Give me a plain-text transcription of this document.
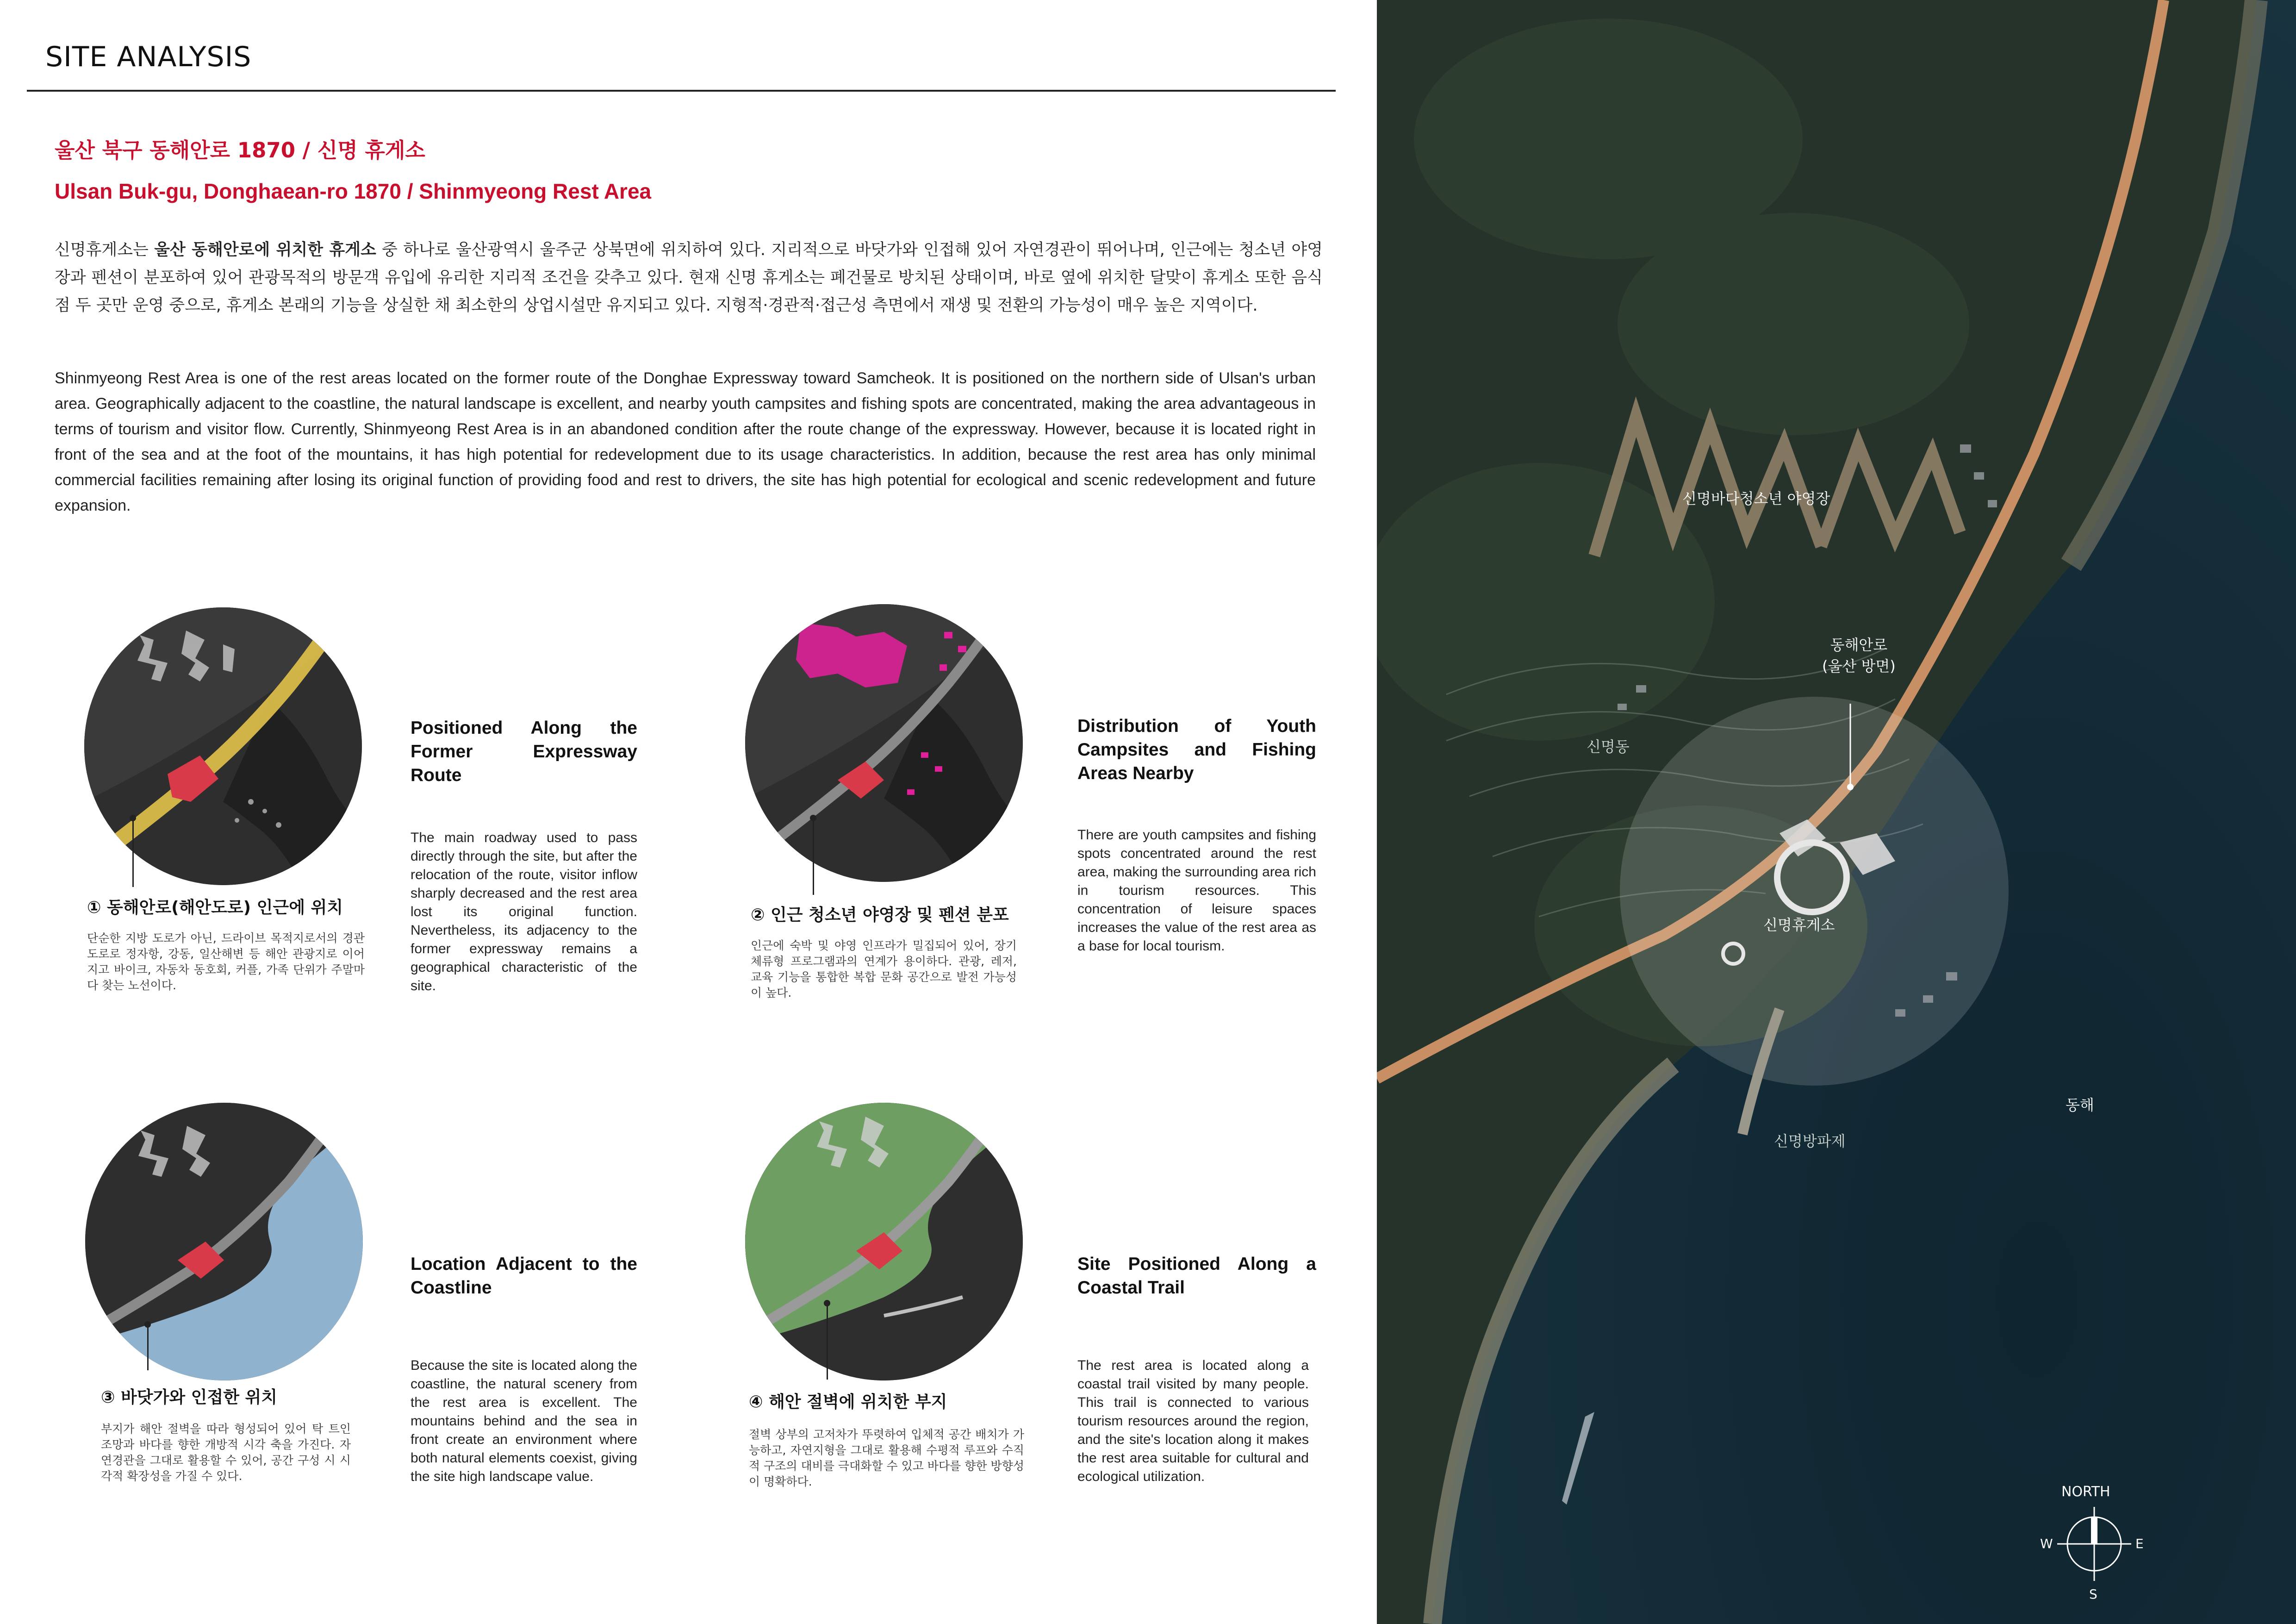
SITE ANALYSIS
울산 북구 동해안로 1870 / 신명 휴게소
Ulsan Buk-gu, Donghaean-ro 1870 / Shinmyeong Rest Area
신명휴게소는 울산 동해안로에 위치한 휴게소 중 하나로 울산광역시 울주군 상북면에 위치하여 있다. 지리적으로 바닷가와 인접해 있어 자연경관이 뛰어나며, 인근에는 청소년 야영장과 펜션이 분포하여 있어 관광목적의 방문객 유입에 유리한 지리적 조건을 갖추고 있다. 현재 신명 휴게소는 폐건물로 방치된 상태이며, 바로 옆에 위치한 달맞이 휴게소 또한 음식점 두 곳만 운영 중으로, 휴게소 본래의 기능을 상실한 채 최소한의 상업시설만 유지되고 있다. 지형적·경관적·접근성 측면에서 재생 및 전환의 가능성이 매우 높은 지역이다.
Shinmyeong Rest Area is one of the rest areas located on the former route of the Donghae Expressway toward Samcheok. It is positioned on the northern side of Ulsan's urban area. Geographically adjacent to the coastline, the natural landscape is excellent, and nearby youth campsites and fishing spots are concentrated, making the area advantageous in terms of tourism and visitor flow. Currently, Shinmyeong Rest Area is in an abandoned condition after the route change of the expressway. However, because it is located right in front of the sea and at the foot of the mountains, it has high potential for redevelopment due to its usage characteristics. In addition, because the rest area has only minimal commercial facilities remaining after losing its original function of providing food and rest to drivers, the site has high potential for ecological and scenic redevelopment and future expansion.
① 동해안로(해안도로) 인근에 위치
단순한 지방 도로가 아닌, 드라이브 목적지로서의 경관 도로로 정자항, 강동, 일산해변 등 해안 관광지로 이어지고 바이크, 자동차 동호회, 커플, 가족 단위가 주말마다 찾는 노선이다.
Positioned Along the Former Expressway Route
The main roadway used to pass directly through the site, but after the relocation of the route, visitor inflow sharply decreased and the rest area lost its original function. Nevertheless, its adjacency to the former expressway remains a geographical characteristic of the site.
② 인근 청소년 야영장 및 펜션 분포
인근에 숙박 및 야영 인프라가 밀집되어 있어, 장기 체류형 프로그램과의 연계가 용이하다. 관광, 레저, 교육 기능을 통합한 복합 문화 공간으로 발전 가능성이 높다.
Distribution of Youth Campsites and Fishing Areas Nearby
There are youth campsites and fishing spots concentrated around the rest area, making the surrounding area rich in tourism resources. This concentration of leisure spaces increases the value of the rest area as a base for local tourism.
③ 바닷가와 인접한 위치
부지가 해안 절벽을 따라 형성되어 있어 탁 트인 조망과 바다를 향한 개방적 시각 축을 가진다. 자연경관을 그대로 활용할 수 있어, 공간 구성 시 시각적 확장성을 가질 수 있다.
Location Adjacent to the Coastline
Because the site is located along the coastline, the natural scenery from the rest area is excellent. The mountains behind and the sea in front create an environment where both natural elements coexist, giving the site high landscape value.
④ 해안 절벽에 위치한 부지
절벽 상부의 고저차가 뚜렷하여 입체적 공간 배치가 가능하고, 자연지형을 그대로 활용해 수평적 루프와 수직적 구조의 대비를 극대화할 수 있고 바다를 향한 방향성이 명확하다.
Site Positioned Along a Coastal Trail
The rest area is located along a coastal trail visited by many people. This trail is connected to various tourism resources around the region, and the site's location along it makes the rest area suitable for cultural and ecological utilization.
신명바다청소년 야영장
동해안로
(울산 방면)
신명동
신명휴게소
동해
신명방파제
NORTH
W	E
S
